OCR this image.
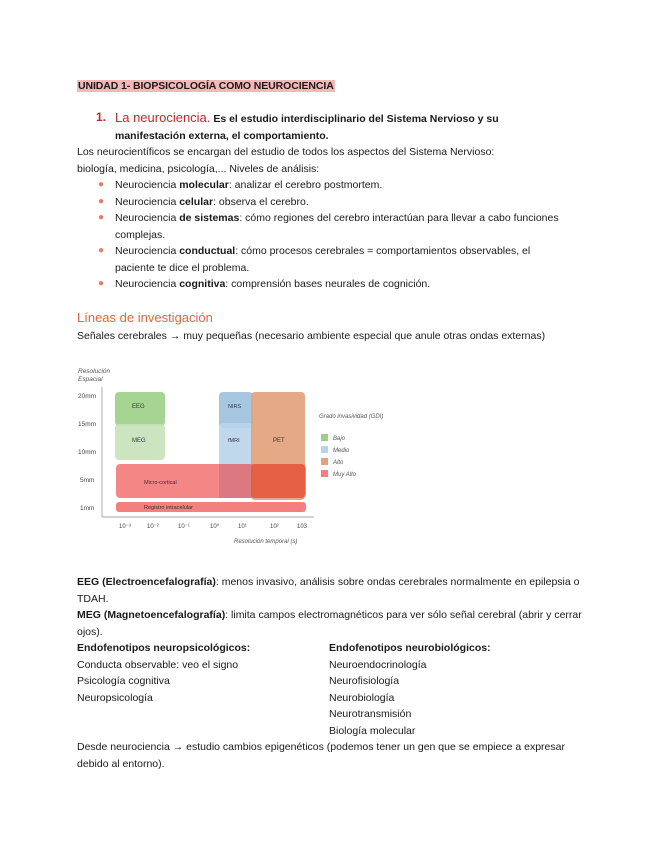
UNIDAD 1- BIOPSICOLOGÍA COMO NEUROCIENCIA
1. La neurociencia. Es el estudio interdisciplinario del Sistema Nervioso y su manifestación externa, el comportamiento.
Los neurocientíficos se encargan del estudio de todos los aspectos del Sistema Nervioso:
biología, medicina, psicología,... Niveles de análisis:
● Neurociencia molecular: analizar el cerebro postmortem.
● Neurociencia celular: observa el cerebro.
● Neurociencia de sistemas: cómo regiones del cerebro interactúan para llevar a cabo funciones complejas.
● Neurociencia conductual: cómo procesos cerebrales = comportamientos observables, el paciente te dice el problema.
● Neurociencia cognitiva: comprensión bases neurales de cognición.
Líneas de investigación
Señales cerebrales → muy pequeñas (necesario ambiente especial que anule otras ondas externas)
Resolución Espacial
20mm
15mm
10mm
5mm
1mm
EEG
MEG
NIRS
fMRI	PET
Micro-cortical
Registro intracelular
10⁻³	10⁻²	10⁻¹	10⁰	10¹	10²	103
Resolución temporal (s)
Grado invasividad (GDI)
Bajo
Medio
Alto
Muy Alto
EEG (Electroencefalografía): menos invasivo, análisis sobre ondas cerebrales normalmente en epilepsia o TDAH.
MEG (Magnetoencefalografía): limita campos electromagnéticos para ver sólo señal cerebral (abrir y cerrar ojos).
Endofenotipos neuropsicológicos:
Conducta observable: veo el signo
Psicología cognitiva
Neuropsicología
Endofenotipos neurobiológicos:
Neuroendocrinología
Neurofisiología
Neurobiología
Neurotransmisión
Biología molecular
Desde neurociencia → estudio cambios epigenéticos (podemos tener un gen que se empiece a expresar debido al entorno).
